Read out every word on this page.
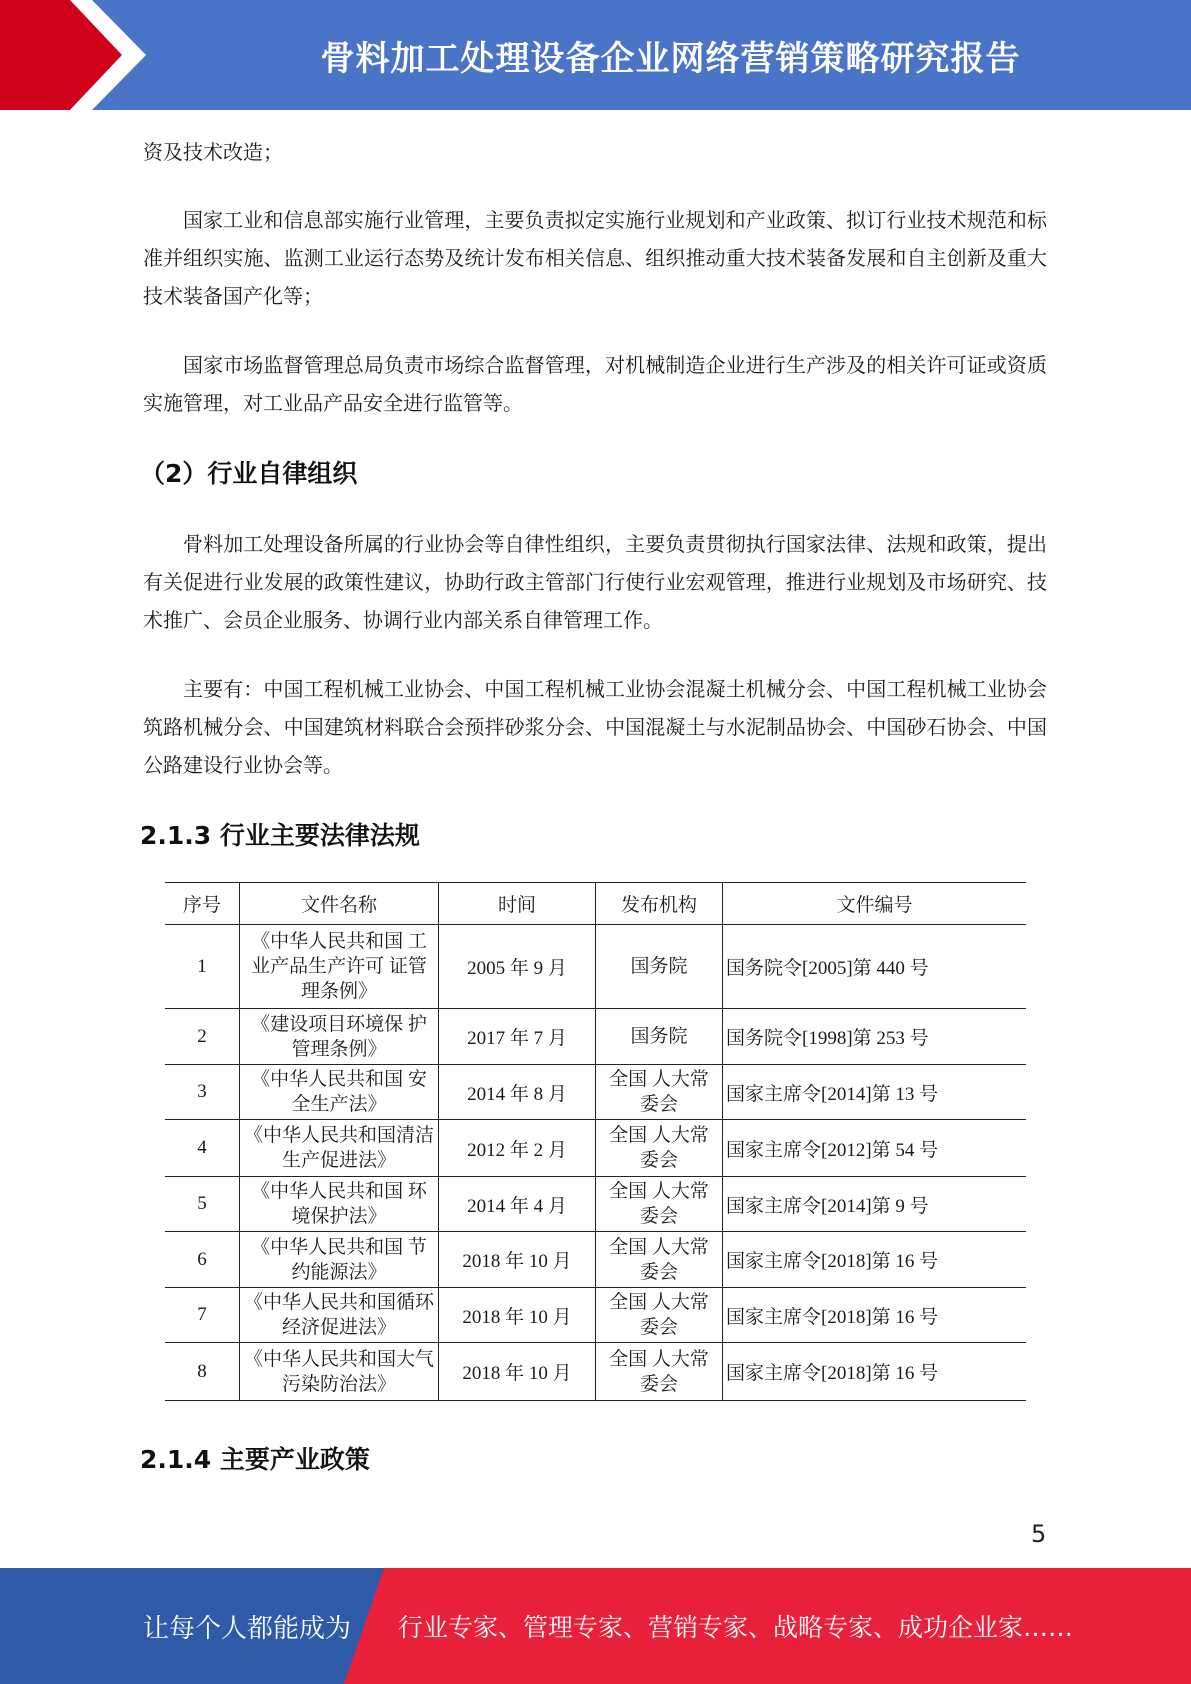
骨料加工处理设备企业网络营销策略研究报告
资及技术改造；
国家工业和信息部实施行业管理，主要负责拟定实施行业规划和产业政策、拟订行业技术规范和标准并组织实施、监测工业运行态势及统计发布相关信息、组织推动重大技术装备发展和自主创新及重大技术装备国产化等；
国家市场监督管理总局负责市场综合监督管理，对机械制造企业进行生产涉及的相关许可证或资质实施管理，对工业品产品安全进行监管等。
（2）行业自律组织
骨料加工处理设备所属的行业协会等自律性组织，主要负责贯彻执行国家法律、法规和政策，提出有关促进行业发展的政策性建议，协助行政主管部门行使行业宏观管理，推进行业规划及市场研究、技术推广、会员企业服务、协调行业内部关系自律管理工作。
主要有：中国工程机械工业协会、中国工程机械工业协会混凝土机械分会、中国工程机械工业协会筑路机械分会、中国建筑材料联合会预拌砂浆分会、中国混凝土与水泥制品协会、中国砂石协会、中国公路建设行业协会等。
2.1.3 行业主要法律法规
序号	文件名称	时间	发布机构	文件编号
1	《中华人民共和国 工业产品生产许可 证管理条例》	2005 年 9 月	国务院	国务院令[2005]第 440 号
2	《建设项目环境保 护管理条例》	2017 年 7 月	国务院	国务院令[1998]第 253 号
3	《中华人民共和国 安全生产法》	2014 年 8 月	全国 人大常委会	国家主席令[2014]第 13 号
4	《中华人民共和国清洁生产促进法》	2012 年 2 月	全国 人大常委会	国家主席令[2012]第 54 号
5	《中华人民共和国 环境保护法》	2014 年 4 月	全国 人大常委会	国家主席令[2014]第 9 号
6	《中华人民共和国 节约能源法》	2018 年 10 月	全国 人大常委会	国家主席令[2018]第 16 号
7	《中华人民共和国循环经济促进法》	2018 年 10 月	全国 人大常委会	国家主席令[2018]第 16 号
8	《中华人民共和国大气污染防治法》	2018 年 10 月	全国 人大常委会	国家主席令[2018]第 16 号
2.1.4 主要产业政策
5
让每个人都能成为 行业专家、管理专家、营销专家、战略专家、成功企业家……
